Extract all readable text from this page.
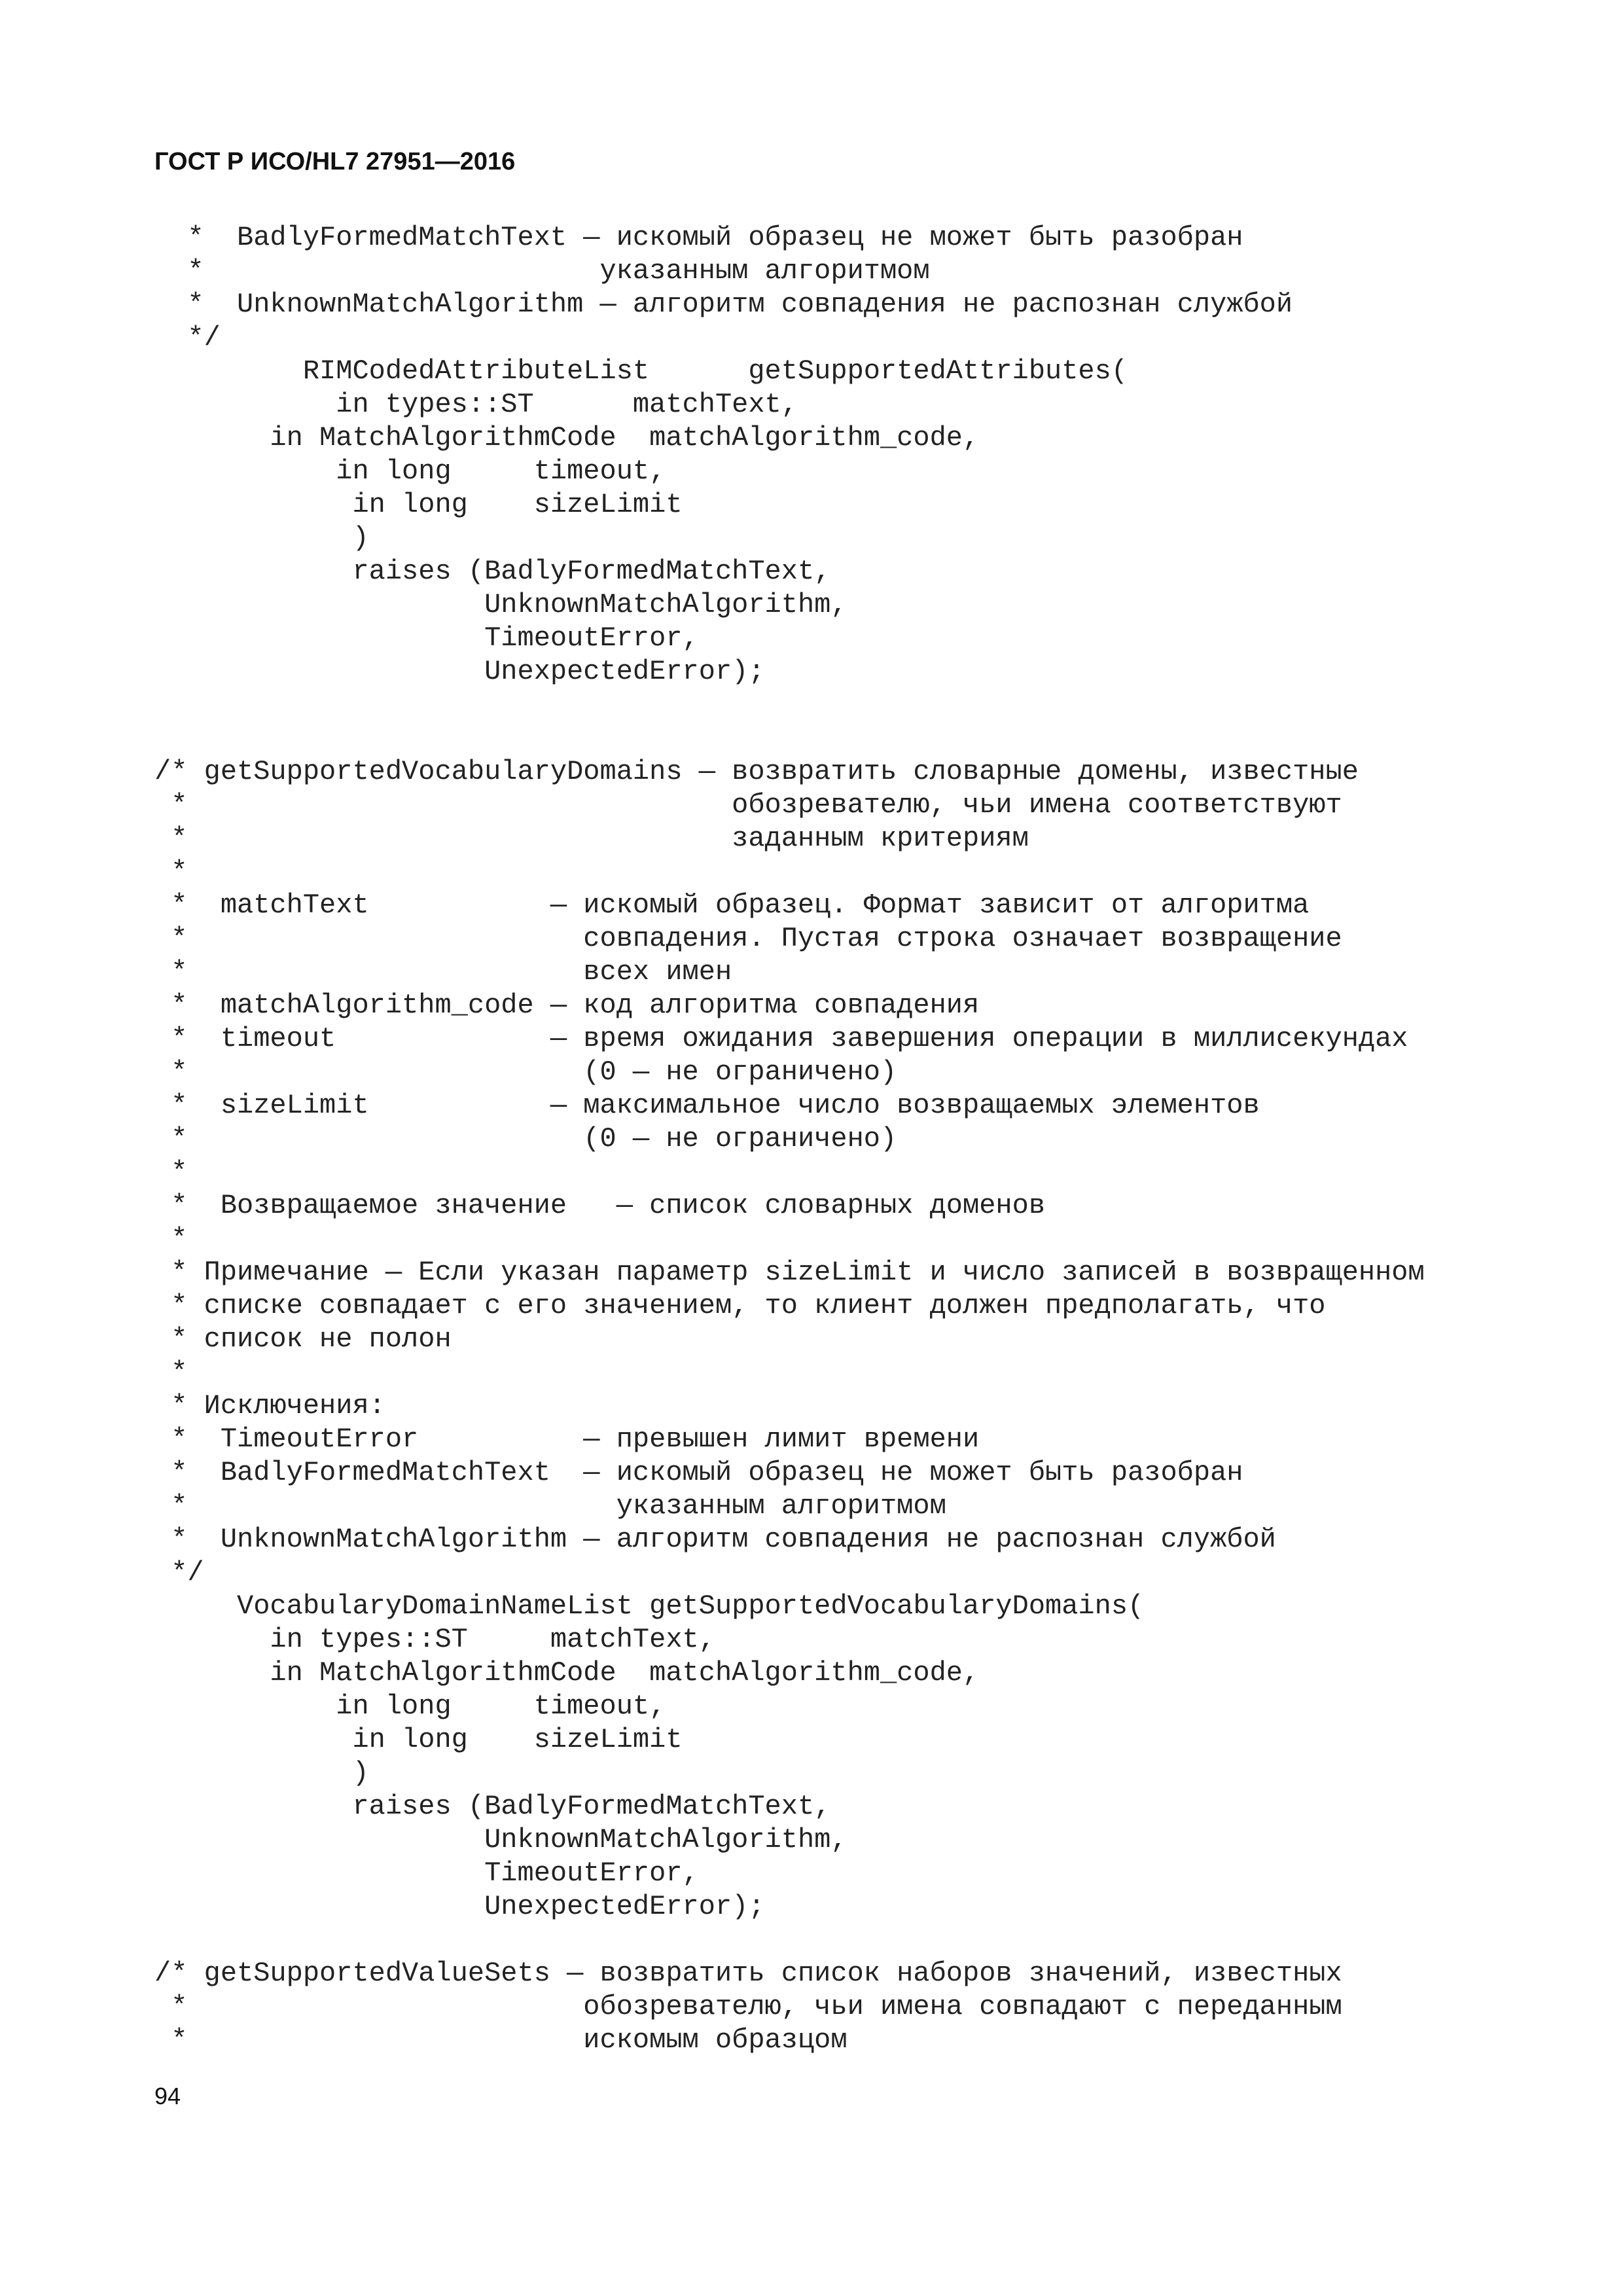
ГОСТ Р ИСО/HL7 27951—2016
*  BadlyFormedMatchText — искомый образец не может быть разобран
*                        указанным алгоритмом
*  UnknownMatchAlgorithm — алгоритм совпадения не распознан службой
*/
RIMCodedAttributeList      getSupportedAttributes(
in types::ST      matchText,
in MatchAlgorithmCode  matchAlgorithm_code,
in long     timeout,
in long    sizeLimit
)
raises (BadlyFormedMatchText,
UnknownMatchAlgorithm,
TimeoutError,
UnexpectedError);
/* getSupportedVocabularyDomains — возвратить словарные домены, известные
*                                 обозревателю, чьи имена соответствуют
*                                 заданным критериям
*
*  matchText           — искомый образец. Формат зависит от алгоритма
*                        совпадения. Пустая строка означает возвращение
*                        всех имен
*  matchAlgorithm_code — код алгоритма совпадения
*  timeout             — время ожидания завершения операции в миллисекундах
*                        (0 — не ограничено)
*  sizeLimit           — максимальное число возвращаемых элементов
*                        (0 — не ограничено)
*
*  Возвращаемое значение   — список словарных доменов
*
* Примечание — Если указан параметр sizeLimit и число записей в возвращенном
* списке совпадает с его значением, то клиент должен предполагать, что
* список не полон
*
* Исключения:
*  TimeoutError          — превышен лимит времени
*  BadlyFormedMatchText  — искомый образец не может быть разобран
*                          указанным алгоритмом
*  UnknownMatchAlgorithm — алгоритм совпадения не распознан службой
*/
VocabularyDomainNameList getSupportedVocabularyDomains(
in types::ST     matchText,
in MatchAlgorithmCode  matchAlgorithm_code,
in long     timeout,
in long    sizeLimit
)
raises (BadlyFormedMatchText,
UnknownMatchAlgorithm,
TimeoutError,
UnexpectedError);
/* getSupportedValueSets — возвратить список наборов значений, известных
*                        обозревателю, чьи имена совпадают с переданным
*                        искомым образцом
94
